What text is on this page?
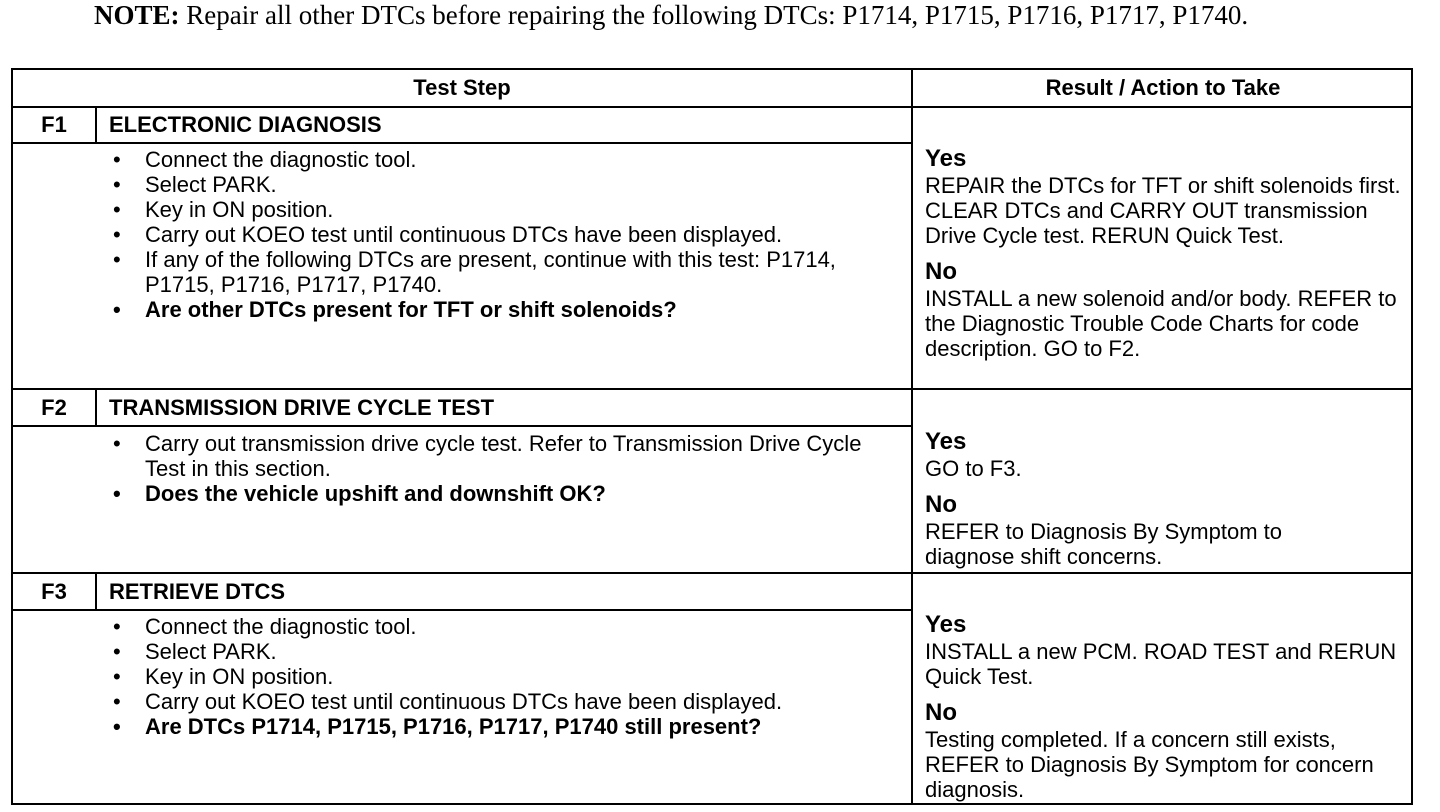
NOTE: Repair all other DTCs before repairing the following DTCs: P1714, P1715, P1716, P1717, P1740.
Test Step	Result / Action to Take
F1	ELECTRONIC DIAGNOSIS
• Connect the diagnostic tool.
• Select PARK.
• Key in ON position.
• Carry out KOEO test until continuous DTCs have been displayed.
• If any of the following DTCs are present, continue with this test: P1714, P1715, P1716, P1717, P1740.
• Are other DTCs present for TFT or shift solenoids?
Yes
REPAIR the DTCs for TFT or shift solenoids first. CLEAR DTCs and CARRY OUT transmission Drive Cycle test. RERUN Quick Test.
No
INSTALL a new solenoid and/or body. REFER to the Diagnostic Trouble Code Charts for code description. GO to F2.
F2	TRANSMISSION DRIVE CYCLE TEST
• Carry out transmission drive cycle test. Refer to Transmission Drive Cycle Test in this section.
• Does the vehicle upshift and downshift OK?
Yes
GO to F3.
No
REFER to Diagnosis By Symptom to diagnose shift concerns.
F3	RETRIEVE DTCS
• Connect the diagnostic tool.
• Select PARK.
• Key in ON position.
• Carry out KOEO test until continuous DTCs have been displayed.
• Are DTCs P1714, P1715, P1716, P1717, P1740 still present?
Yes
INSTALL a new PCM. ROAD TEST and RERUN Quick Test.
No
Testing completed. If a concern still exists, REFER to Diagnosis By Symptom for concern diagnosis.
